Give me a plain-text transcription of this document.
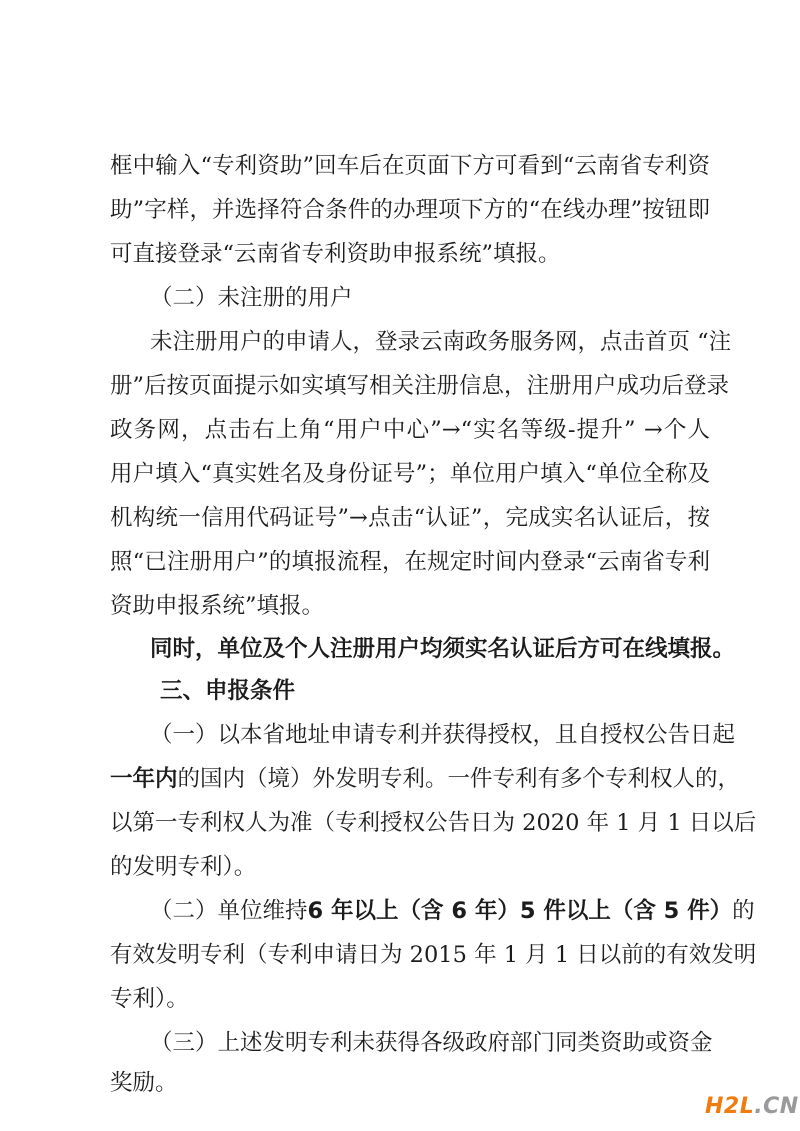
框中输入“专利资助”回车后在页面下方可看到“云南省专利资
助”字样，并选择符合条件的办理项下方的“在线办理”按钮即
可直接登录“云南省专利资助申报系统”填报。
（二）未注册的用户
未注册用户的申请人，登录云南政务服务网，点击首页 “注
册”后按页面提示如实填写相关注册信息，注册用户成功后登录
政务网，点击右上角“用户中心”→“实名等级-提升” →个人
用户填入“真实姓名及身份证号”；单位用户填入“单位全称及
机构统一信用代码证号”→点击“认证”，完成实名认证后，按
照“已注册用户”的填报流程，在规定时间内登录“云南省专利
资助申报系统”填报。
同时，单位及个人注册用户均须实名认证后方可在线填报。
三、申报条件
（一）以本省地址申请专利并获得授权，且自授权公告日起
一年内的国内（境）外发明专利。一件专利有多个专利权人的，
以第一专利权人为准（专利授权公告日为 2020 年 1 月 1 日以后
的发明专利）。
（二）单位维持6 年以上（含 6 年）5 件以上（含 5 件）的
有效发明专利（专利申请日为 2015 年 1 月 1 日以前的有效发明
专利）。
（三）上述发明专利未获得各级政府部门同类资助或资金
奖励。
H2L.CN
